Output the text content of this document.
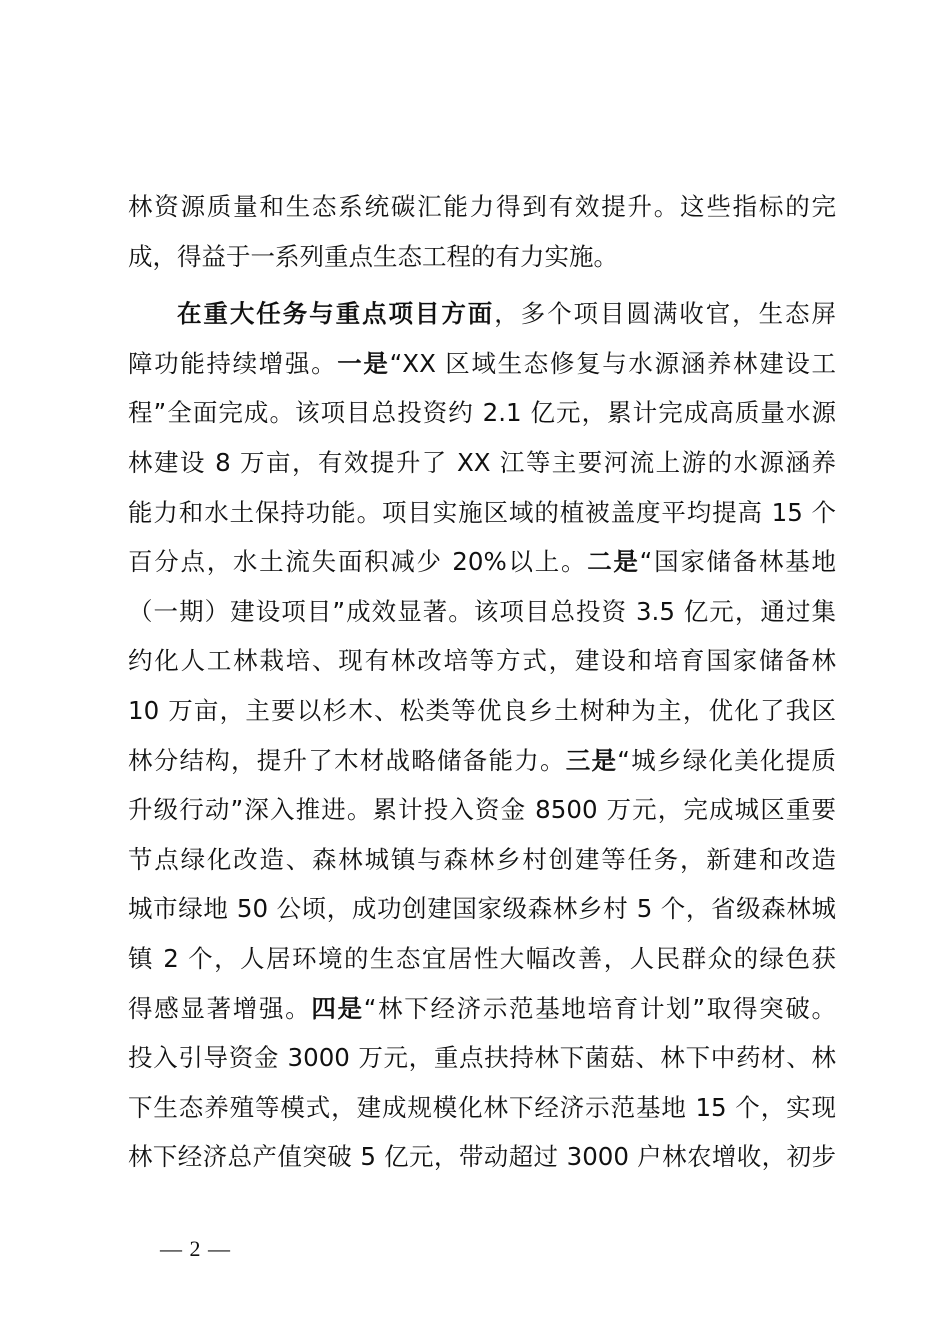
林资源质量和生态系统碳汇能力得到有效提升。这些指标的完
成，得益于一系列重点生态工程的有力实施。
在重大任务与重点项目方面，多个项目圆满收官，生态屏
障功能持续增强。一是“XX 区域生态修复与水源涵养林建设工
程”全面完成。该项目总投资约 2.1 亿元，累计完成高质量水源
林建设 8 万亩，有效提升了 XX 江等主要河流上游的水源涵养
能力和水土保持功能。项目实施区域的植被盖度平均提高 15 个
百分点，水土流失面积减少 20%以上。二是“国家储备林基地
（一期）建设项目”成效显著。该项目总投资 3.5 亿元，通过集
约化人工林栽培、现有林改培等方式，建设和培育国家储备林
10 万亩，主要以杉木、松类等优良乡土树种为主，优化了我区
林分结构，提升了木材战略储备能力。三是“城乡绿化美化提质
升级行动”深入推进。累计投入资金 8500 万元，完成城区重要
节点绿化改造、森林城镇与森林乡村创建等任务，新建和改造
城市绿地 50 公顷，成功创建国家级森林乡村 5 个，省级森林城
镇 2 个，人居环境的生态宜居性大幅改善，人民群众的绿色获
得感显著增强。四是“林下经济示范基地培育计划”取得突破。
投入引导资金 3000 万元，重点扶持林下菌菇、林下中药材、林
下生态养殖等模式，建成规模化林下经济示范基地 15 个，实现
林下经济总产值突破 5 亿元，带动超过 3000 户林农增收，初步
— 2 —
